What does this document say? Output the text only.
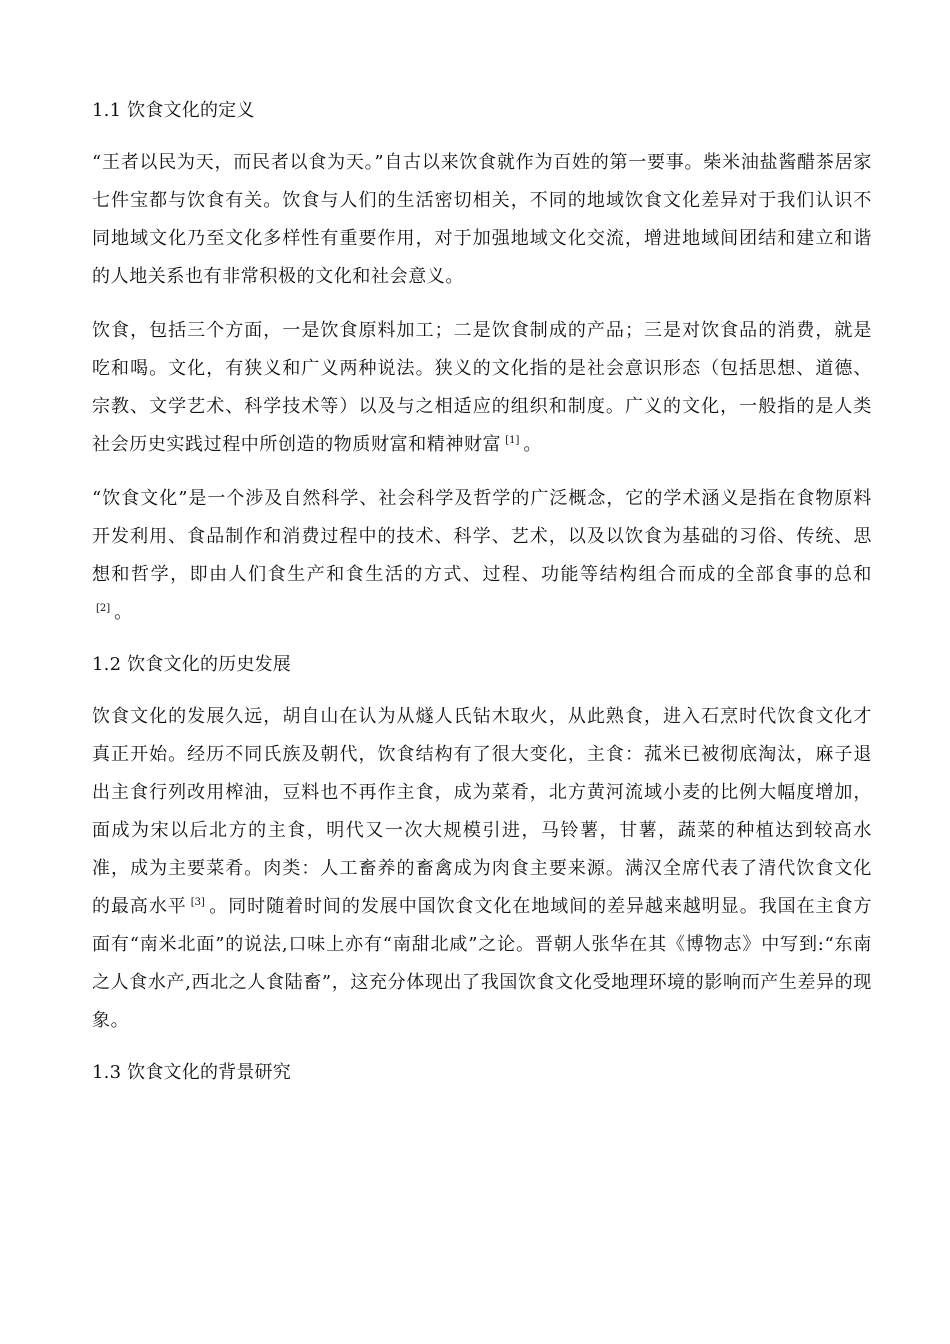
1.1 饮食文化的定义

“王者以民为天，而民者以食为天。”自古以来饮食就作为百姓的第一要事。柴米油盐酱醋茶居家七件宝都与饮食有关。饮食与人们的生活密切相关，不同的地域饮食文化差异对于我们认识不同地域文化乃至文化多样性有重要作用，对于加强地域文化交流，增进地域间团结和建立和谐的人地关系也有非常积极的文化和社会意义。

饮食，包括三个方面，一是饮食原料加工；二是饮食制成的产品；三是对饮食品的消费，就是吃和喝。文化，有狭义和广义两种说法。狭义的文化指的是社会意识形态（包括思想、道德、宗教、文学艺术、科学技术等）以及与之相适应的组织和制度。广义的文化，一般指的是人类社会历史实践过程中所创造的物质财富和精神财富 [1] 。

“饮食文化”是一个涉及自然科学、社会科学及哲学的广泛概念，它的学术涵义是指在食物原料开发利用、食品制作和消费过程中的技术、科学、艺术，以及以饮食为基础的习俗、传统、思想和哲学，即由人们食生产和食生活的方式、过程、功能等结构组合而成的全部食事的总和[2] 。

1.2 饮食文化的历史发展

饮食文化的发展久远，胡自山在认为从燧人氏钻木取火，从此熟食，进入石烹时代饮食文化才真正开始。经历不同氏族及朝代，饮食结构有了很大变化，主食：菰米已被彻底淘汰，麻子退出主食行列改用榨油，豆料也不再作主食，成为菜肴，北方黄河流域小麦的比例大幅度增加，面成为宋以后北方的主食，明代又一次大规模引进，马铃薯，甘薯，蔬菜的种植达到较高水准，成为主要菜肴。肉类：人工畜养的畜禽成为肉食主要来源。满汉全席代表了清代饮食文化的最高水平 [3] 。同时随着时间的发展中国饮食文化在地域间的差异越来越明显。我国在主食方面有“南米北面”的说法,口味上亦有“南甜北咸”之论。晋朝人张华在其《博物志》中写到:“东南之人食水产,西北之人食陆畜”，这充分体现出了我国饮食文化受地理环境的影响而产生差异的现象。

1.3 饮食文化的背景研究
